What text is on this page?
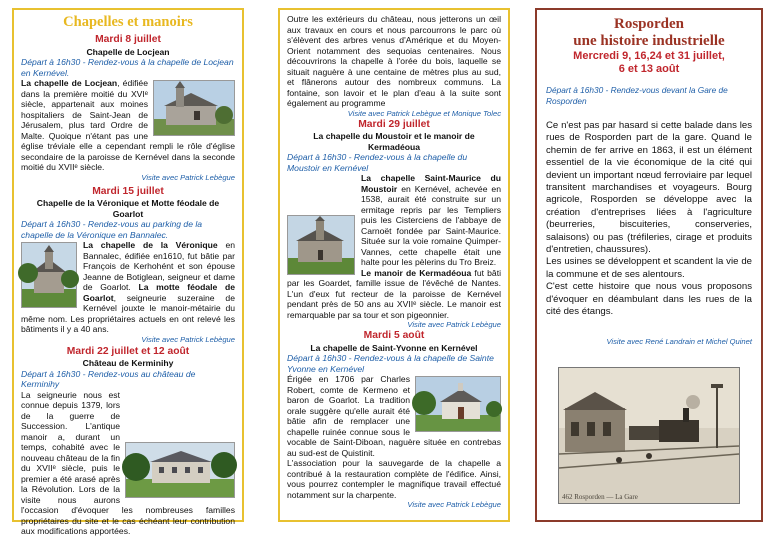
Chapelles et manoirs
Mardi 8 juillet
Chapelle de Locjean
Départ à 16h30 - Rendez-vous à la chapelle de Locjean en Kernével.

La chapelle de Locjean, édifiée dans la première moitié du XVIᵉ siècle, appartenait aux moines hospitaliers de Saint-Jean de Jérusalem, plus tard Ordre de Malte. Quoique n'étant pas une église tréviale elle a cependant rempli le rôle d'église secondaire de la paroisse de Kernével dans la seconde moitié du XVIIᵉ siècle.

Visite avec Patrick Lebègue
Mardi 15 juillet
Chapelle de la Véronique et Motte féodale de Goarlot
Départ à 16h30 - Rendez-vous au parking de la chapelle de la Véronique en Bannalec.

La chapelle de la Véronique en Bannalec, édifiée en1610, fut bâtie par François de Kerhohént et son épouse Jeanne de Botiglean, seigneur et dame de Goarlot. La motte féodale de Goarlot, seigneurie suzeraine de Kernével jouxte le manoir-métairie du même nom. Les propriétaires actuels en ont relevé les bâtiments il y a 40 ans.

Visite avec Patrick Lebègue
Mardi 22 juillet et 12 août
Château de Kerminihy
Départ à 16h30 - Rendez-vous au château de Kerminihy

La seigneurie nous est connue depuis 1379, lors de la guerre de Succession. L'antique manoir a, durant un temps, cohabité avec le nouveau château de la fin du XVIIᵉ siècle, puis le premier a été arasé après la Révolution. Lors de la visite nous aurons l'occasion d'évoquer les nombreuses familles propriétaires du site et le cas échéant leur contribution aux modifications apportées.

Outre les extérieurs du château, nous jetterons un œil aux travaux en cours et nous parcourrons le parc où s'élèvent des arbres venus d'Amérique et du Moyen-Orient notamment des sequoias centenaires. Nous découvrirons la chapelle à l'orée du bois, laquelle se situait naguère à une centaine de mètres plus au sud, et flânerons autour des nombreux communs. La fontaine, son lavoir et le plan d'eau à la suite sont également au programme

Visite avec Patrick Lebègue et Monique Tolec
Mardi 29 juillet
La chapelle du Moustoir et le manoir de Kermadéoua
Départ à 16h30 - Rendez-vous à la chapelle du Moustoir en Kernével

La chapelle Saint-Maurice du Moustoir en Kernével, achevée en 1538, aurait été construite sur un ermitage repris par les Templiers puis les Cisterciens de l'abbaye de Carnoët fondée par Saint-Maurice. Située sur la voie romaine Quimper-Vannes, cette chapelle était une halte pour les pèlerins du Tro Breiz.

Le manoir de Kermadéoua fut bâti par les Goardet, famille issue de l'évêché de Nantes. L'un d'eux fut recteur de la paroisse de Kernével pendant près de 50 ans au XVIIᵉ siècle. Le manoir est remarquable par sa tour et son pigeonnier.

Visite avec Patrick Lebègue
Mardi 5 août
La chapelle de Saint-Yvonne en Kernével
Départ à 16h30 - Rendez-vous à la chapelle de Sainte Yvonne en Kernével

Érigée en 1706 par Charles Robert, comte de Kermeno et baron de Goarlot. La tradition orale suggère qu'elle aurait été bâtie afin de remplacer une chapelle ruinée connue sous le vocable de Saint-Diboan, naguère située en contrebas au sud-est de Quistinit.

L'association pour la sauvegarde de la chapelle a contribué à la restauration complète de l'édifice. Ainsi, vous pourrez contempler le magnifique travail effectué notamment sur la charpente.

Visite avec Patrick Lebègue
Rosporden
une histoire industrielle
Mercredi 9, 16,24 et 31 juillet,
6 et 13 août
Départ à 16h30 - Rendez-vous devant la Gare de Rosporden

Ce n'est pas par hasard si cette balade dans les rues de Rosporden part de la gare. Quand le chemin de fer arrive en 1863, il est un élément essentiel de la vie économique de la cité qui devient un important nœud ferroviaire par lequel transitent marchandises et voyageurs. Bourg agricole, Rosporden se développe avec la création d'entreprises liées à l'agriculture (beurreries, biscuiteries, conserveries, salaisons) ou pas (tréfileries, cirage et produits d'entretien, chaussures).

Les usines se développent et scandent la vie de la commune et de ses alentours.

C'est cette histoire que nous vous proposons d'évoquer en déambulant dans les rues de la cité des étangs.

Visite avec René Landrain et Michel Quinet
462 Rosporden — La Gare
